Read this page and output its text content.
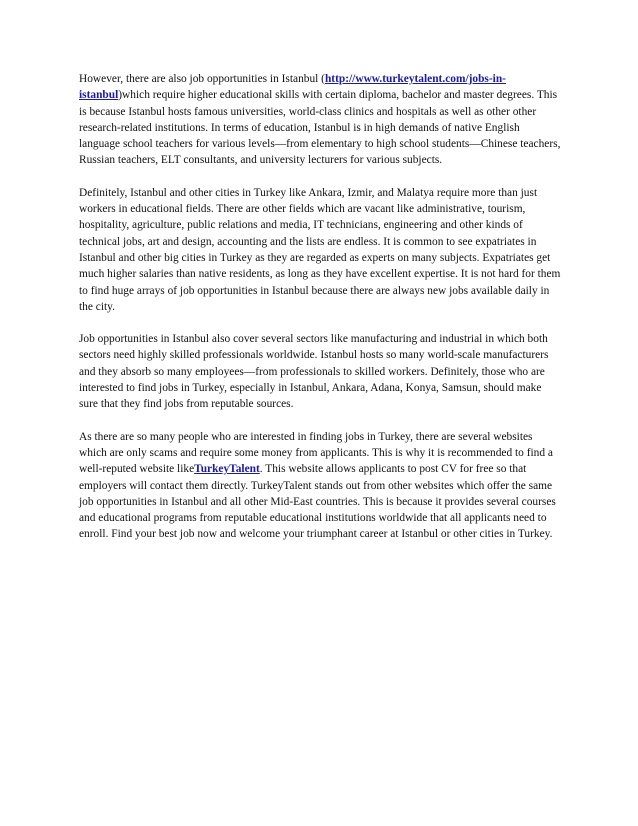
However, there are also job opportunities in Istanbul (http://www.turkeytalent.com/jobs-in-istanbul)which require higher educational skills with certain diploma, bachelor and master degrees. This is because Istanbul hosts famous universities, world-class clinics and hospitals as well as other other research-related institutions. In terms of education, Istanbul is in high demands of native English language school teachers for various levels—from elementary to high school students—Chinese teachers, Russian teachers, ELT consultants, and university lecturers for various subjects.

Definitely, Istanbul and other cities in Turkey like Ankara, Izmir, and Malatya require more than just workers in educational fields. There are other fields which are vacant like administrative, tourism, hospitality, agriculture, public relations and media, IT technicians, engineering and other kinds of technical jobs, art and design, accounting and the lists are endless. It is common to see expatriates in Istanbul and other big cities in Turkey as they are regarded as experts on many subjects. Expatriates get much higher salaries than native residents, as long as they have excellent expertise. It is not hard for them to find huge arrays of job opportunities in Istanbul because there are always new jobs available daily in the city.

Job opportunities in Istanbul also cover several sectors like manufacturing and industrial in which both sectors need highly skilled professionals worldwide. Istanbul hosts so many world-scale manufacturers and they absorb so many employees—from professionals to skilled workers. Definitely, those who are interested to find jobs in Turkey, especially in Istanbul, Ankara, Adana, Konya, Samsun, should make sure that they find jobs from reputable sources.

As there are so many people who are interested in finding jobs in Turkey, there are several websites which are only scams and require some money from applicants. This is why it is recommended to find a well-reputed website likeTurkeyTalent. This website allows applicants to post CV for free so that employers will contact them directly. TurkeyTalent stands out from other websites which offer the same job opportunities in Istanbul and all other Mid-East countries. This is because it provides several courses and educational programs from reputable educational institutions worldwide that all applicants need to enroll. Find your best job now and welcome your triumphant career at Istanbul or other cities in Turkey.
